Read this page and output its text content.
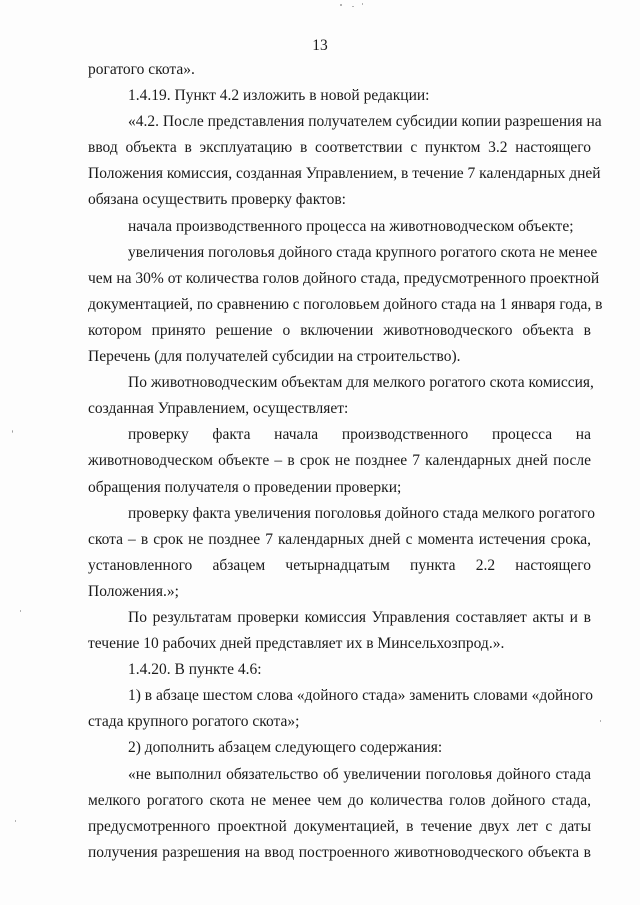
13
рогатого скота».
1.4.19. Пункт 4.2 изложить в новой редакции:
«4.2. После представления получателем субсидии копии разрешения на
ввод объекта в эксплуатацию в соответствии с пунктом 3.2 настоящего
Положения комиссия, созданная Управлением, в течение 7 календарных дней
обязана осуществить проверку фактов:
начала производственного процесса на животноводческом объекте;
увеличения поголовья дойного стада крупного рогатого скота не менее
чем на 30% от количества голов дойного стада, предусмотренного проектной
документацией, по сравнению с поголовьем дойного стада на 1 января года, в
котором принято решение о включении животноводческого объекта в
Перечень (для получателей субсидии на строительство).
По животноводческим объектам для мелкого рогатого скота комиссия,
созданная Управлением, осуществляет:
проверку факта начала производственного процесса на
животноводческом объекте – в срок не позднее 7 календарных дней после
обращения получателя о проведении проверки;
проверку факта увеличения поголовья дойного стада мелкого рогатого
скота – в срок не позднее 7 календарных дней с момента истечения срока,
установленного абзацем четырнадцатым пункта 2.2 настоящего
Положения.»;
По результатам проверки комиссия Управления составляет акты и в
течение 10 рабочих дней представляет их в Минсельхозпрод.».
1.4.20. В пункте 4.6:
1) в абзаце шестом слова «дойного стада» заменить словами «дойного
стада крупного рогатого скота»;
2) дополнить абзацем следующего содержания:
«не выполнил обязательство об увеличении поголовья дойного стада
мелкого рогатого скота не менее чем до количества голов дойного стада,
предусмотренного проектной документацией, в течение двух лет с даты
получения разрешения на ввод построенного животноводческого объекта в
